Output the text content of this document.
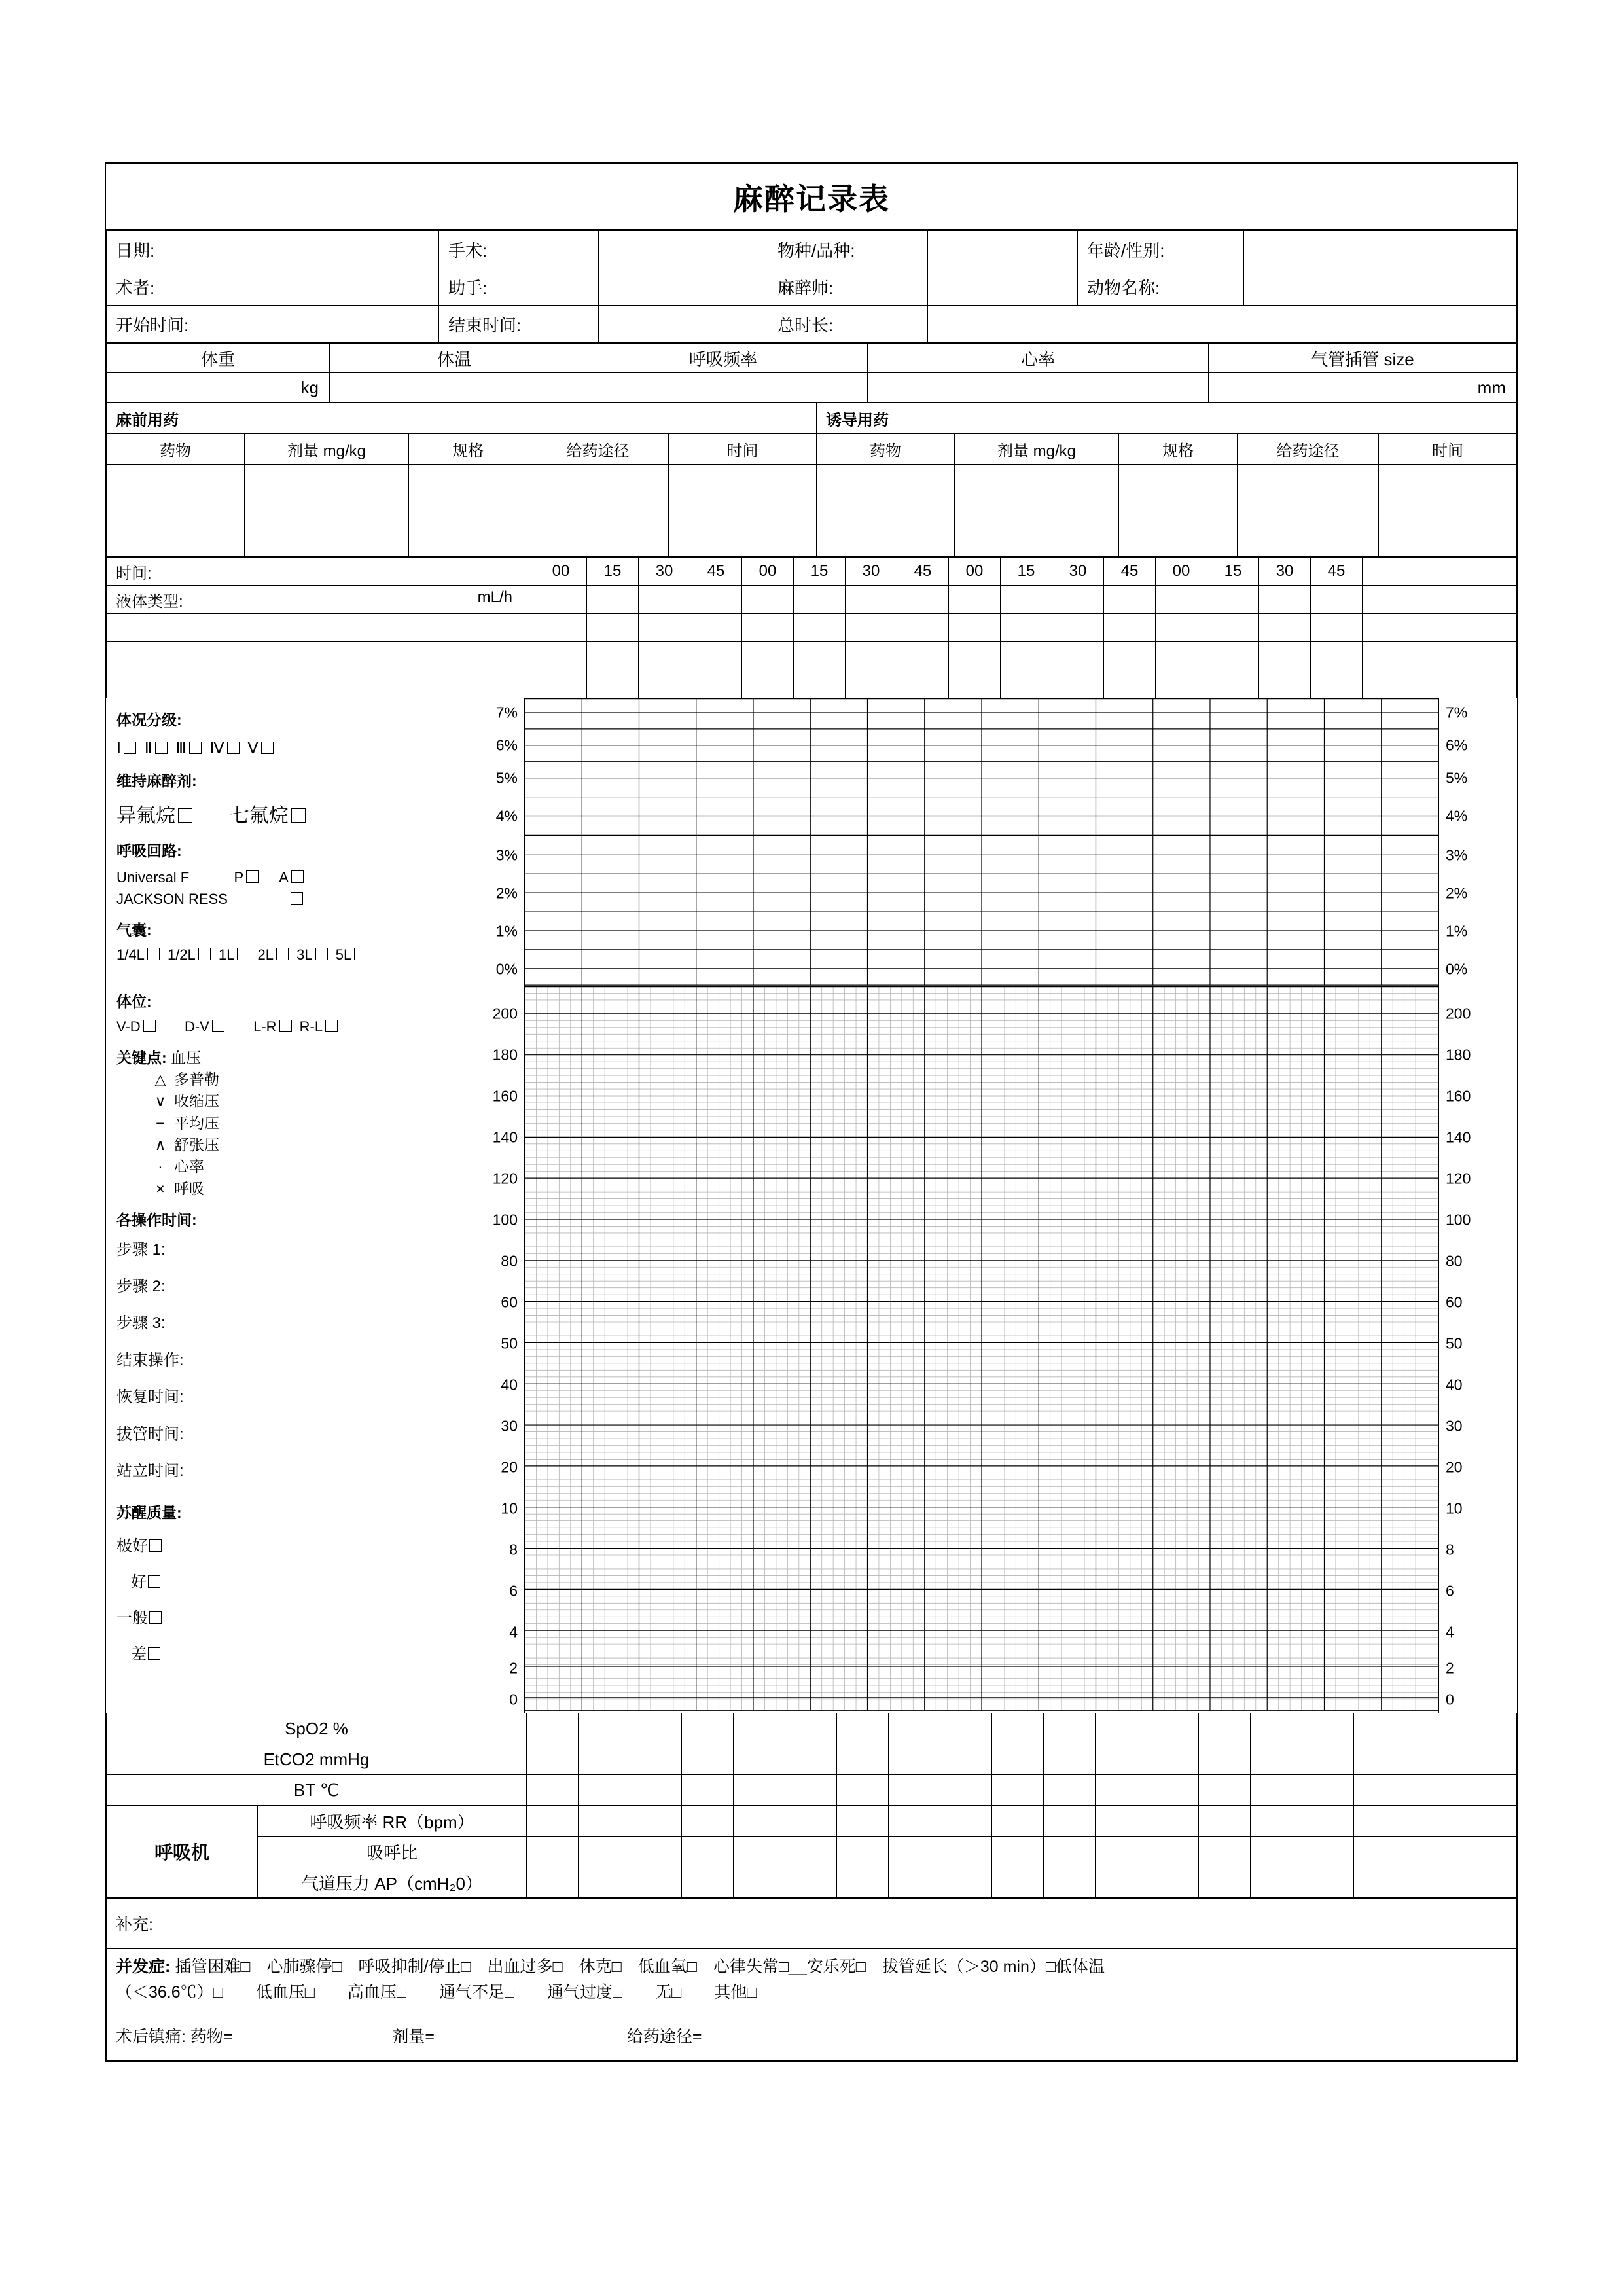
麻醉记录表
日期:		手术:		物种/品种:		年龄/性别:	
术者:		助手:		麻醉师:		动物名称:	
开始时间:		结束时间:		总时长:			
体重	体温	呼吸频率	心率	气管插管 size
kg				mm
麻前用药					诱导用药				
药物	剂量 mg/kg	规格	给药途径	时间	药物	剂量 mg/kg	规格	给药途径	时间

时间:	00	15	30	45	00	15	30	45	00	15	30	45	00	15	30	45	
液体类型: mL/h																	

体况分级:
Ⅰ Ⅱ Ⅲ Ⅳ Ⅴ
维持麻醉剂:
异氟烷	七氟烷
呼吸回路:
Universal F	P A
JACKSON RESS
气囊:
1/4L 1/2L 1L 2L 3L 5L
7%
6%
5%
4%
3%
2%
1%
0%
7%
6%
5%
4%
3%
2%
1%
0%
体位:
V-D	D-V	L-R R-L
关键点: 血压
△ 多普勒
∨ 收缩压
− 平均压
∧ 舒张压
· 心率
× 呼吸
各操作时间:
步骤 1:
步骤 2:
步骤 3:
结束操作:
恢复时间:
拔管时间:
站立时间:
苏醒质量:
极好
好
一般
差
200
180
160
140
120
100
80
60
50
40
30
20
10
8
6
4
2
0
200
180
160
140
120
100
80
60
50
40
30
20
10
8
6
4
2
0
SpO2 %																		
EtCO2 mmHg																		
BT ℃																		
呼吸机	呼吸频率 RR（bpm）																	
	吸呼比																	
	气道压力 AP（cmH₂0）																	
补充:

并发症: 插管困难□　心肺骤停□　呼吸抑制/停止□　出血过多□　休克□　低血氧□　心律失常□__安乐死□　拔管延长（＞30 min）□低体温
（＜36.6℃）□　　低血压□　　高血压□　　通气不足□　　通气过度□　　无□　　其他□

术后镇痛: 药物=	剂量=	给药途径=
